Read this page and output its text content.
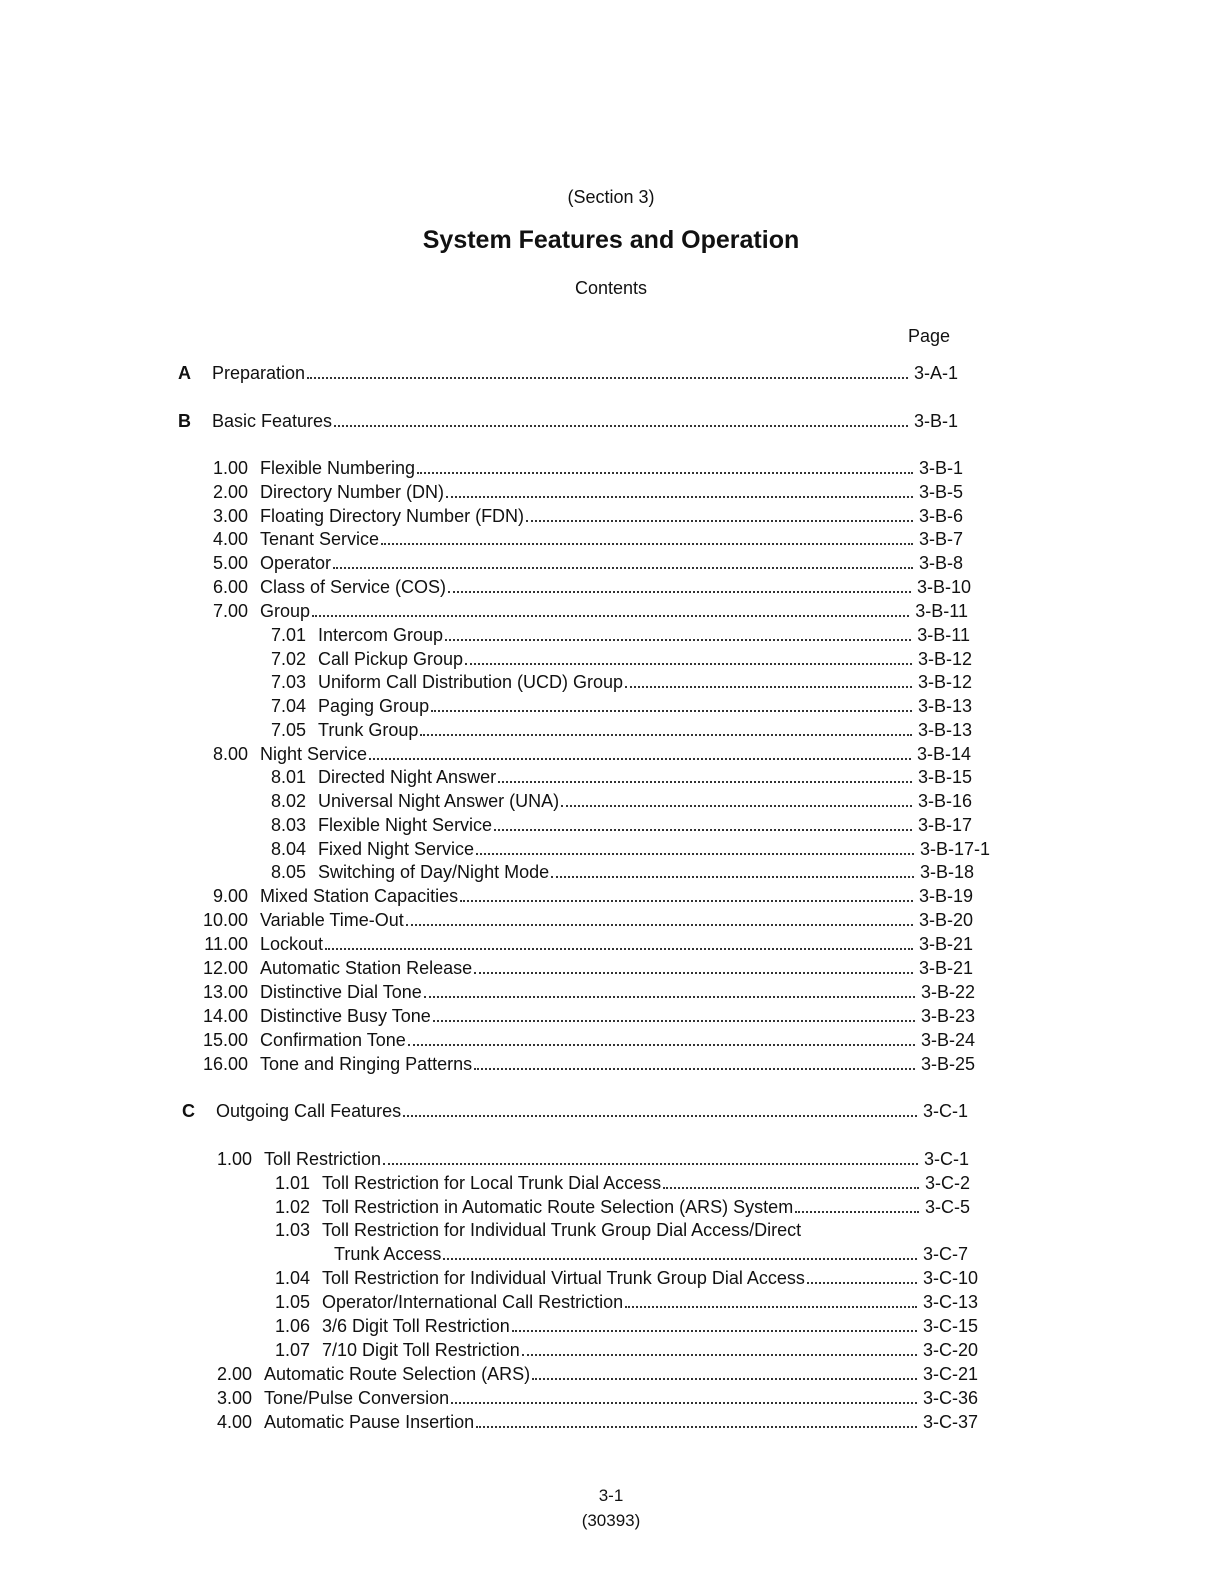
(Section 3)
System Features and Operation
Contents
Page
A	Preparation	3-A-1
B	Basic Features	3-B-1
1.00 Flexible Numbering	3-B-1
2.00 Directory Number (DN)	3-B-5
3.00 Floating Directory Number (FDN)	3-B-6
4.00 Tenant Service	3-B-7
5.00 Operator	3-B-8
6.00 Class of Service (COS)	3-B-10
7.00 Group	3-B-11
7.01 Intercom Group	3-B-11
7.02 Call Pickup Group	3-B-12
7.03 Uniform Call Distribution (UCD) Group	3-B-12
7.04 Paging Group	3-B-13
7.05 Trunk Group	3-B-13
8.00 Night Service	3-B-14
8.01 Directed Night Answer	3-B-15
8.02 Universal Night Answer (UNA)	3-B-16
8.03 Flexible Night Service	3-B-17
8.04 Fixed Night Service	3-B-17-1
8.05 Switching of Day/Night Mode	3-B-18
9.00 Mixed Station Capacities	3-B-19
10.00 Variable Time-Out	3-B-20
11.00 Lockout	3-B-21
12.00 Automatic Station Release	3-B-21
13.00 Distinctive Dial Tone	3-B-22
14.00 Distinctive Busy Tone	3-B-23
15.00 Confirmation Tone	3-B-24
16.00 Tone and Ringing Patterns	3-B-25
C	Outgoing Call Features	3-C-1
1.00 Toll Restriction	3-C-1
1.01 Toll Restriction for Local Trunk Dial Access	3-C-2
1.02 Toll Restriction in Automatic Route Selection (ARS) System	3-C-5
1.03 Toll Restriction for Individual Trunk Group Dial Access/Direct
Trunk Access	3-C-7
1.04 Toll Restriction for Individual Virtual Trunk Group Dial Access	3-C-10
1.05 Operator/International Call Restriction	3-C-13
1.06 3/6 Digit Toll Restriction	3-C-15
1.07 7/10 Digit Toll Restriction	3-C-20
2.00 Automatic Route Selection (ARS)	3-C-21
3.00 Tone/Pulse Conversion	3-C-36
4.00 Automatic Pause Insertion	3-C-37
3-1
(30393)
